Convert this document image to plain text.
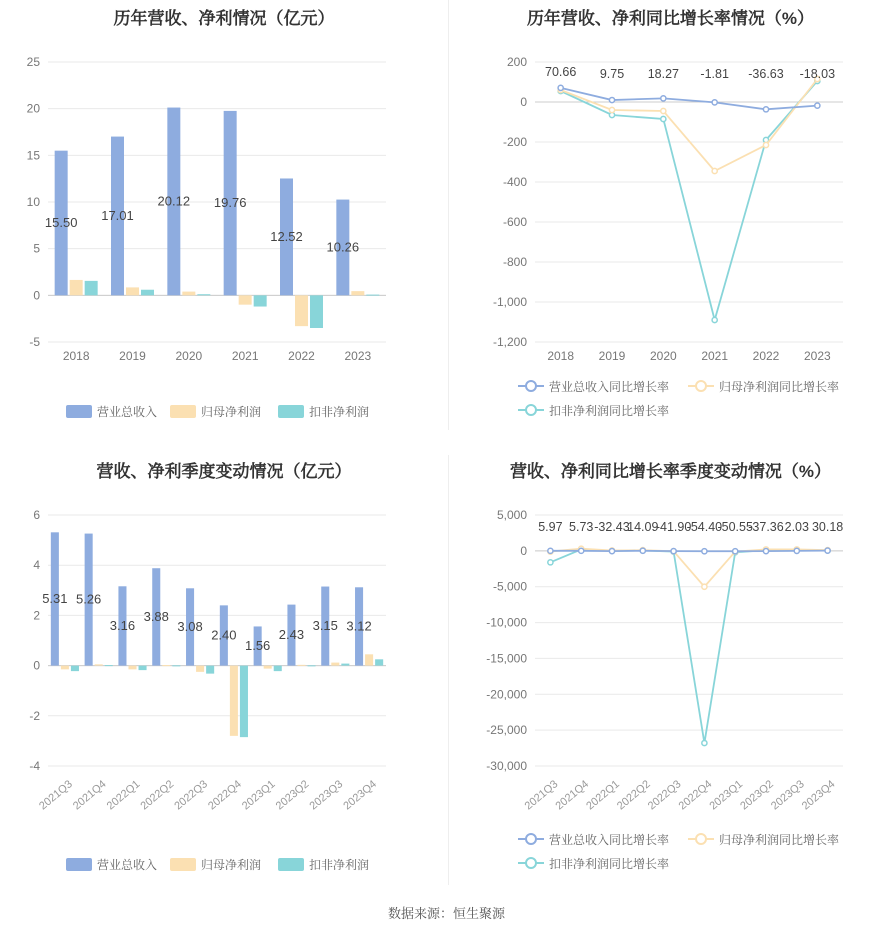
历年营收、净利情况（亿元）
25
20
15
10
5
0
-5
2018 2019 2020 2021 2022 2023
15.50 17.01
20.12 19.76
12.52
10.26
营业总收入	归母净利润	扣非净利润
历年营收、净利同比增长率情况（%）
200
0
-200
-400
-600
-800
-1,000
-1,200
2018 2019 2020 2021 2022 2023
70.66 9.75 18.27 -1.81 -36.63 -18.03
营业总收入同比增长率	归母净利润同比增长率
扣非净利润同比增长率
营收、净利季度变动情况（亿元）
6
4
2
0
-2
-4
2021Q3
2021Q4
2022Q1
2022Q2
2022Q3
2022Q4
2023Q1
2023Q2
2023Q3
2023Q4
5.31 5.26
3.16
3.88
3.08
2.40
1.56
2.43
3.15 3.12
营业总收入	归母净利润	扣非净利润
营收、净利同比增长率季度变动情况（%）
5,000
0
-5,000
-10,000
-15,000
-20,000
-25,000
-30,000
2021Q3
2021Q4
2022Q1
2022Q2
2022Q3
2022Q4
2023Q1
2023Q2
2023Q3
2023Q4
5.97 5.73 -32.43
14.09
-41.90
-54.40
-50.55
-37.36 2.03 30.18
营业总收入同比增长率	归母净利润同比增长率
扣非净利润同比增长率
数据来源：恒生聚源
